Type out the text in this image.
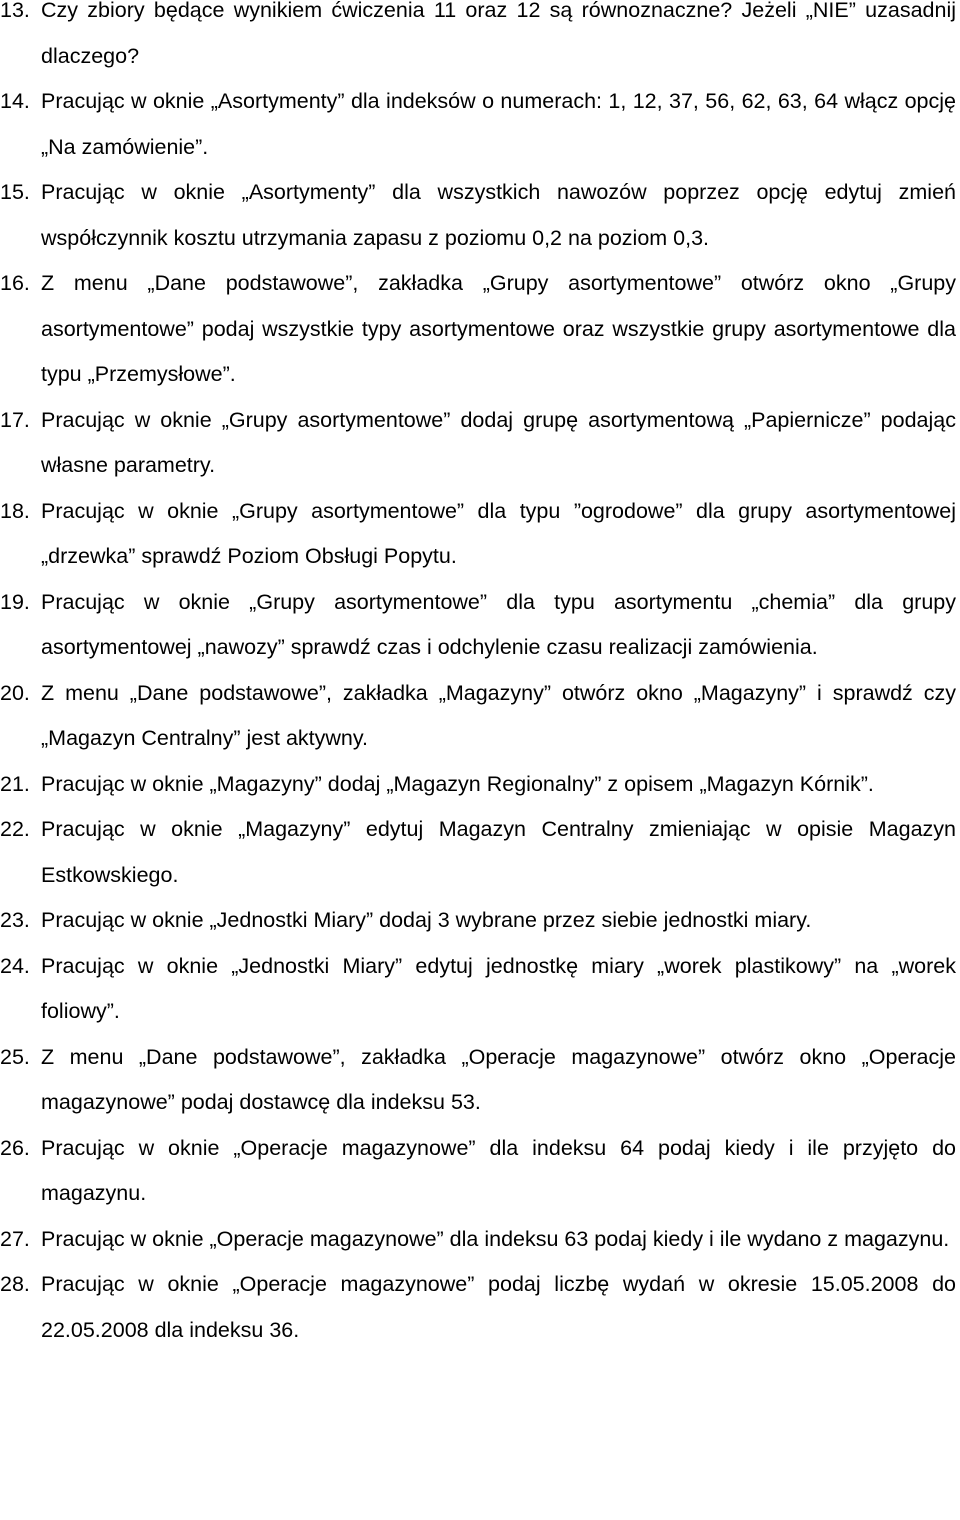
13. Czy zbiory będące wynikiem ćwiczenia 11 oraz 12 są równoznaczne? Jeżeli „NIE” uzasadnij dlaczego?
14. Pracując w oknie „Asortymenty” dla indeksów o numerach: 1, 12, 37, 56, 62, 63, 64 włącz opcję „Na zamówienie”.
15. Pracując w oknie „Asortymenty” dla wszystkich nawozów poprzez opcję edytuj zmień współczynnik kosztu utrzymania zapasu z poziomu 0,2 na poziom 0,3.
16. Z menu „Dane podstawowe”, zakładka „Grupy asortymentowe” otwórz okno „Grupy asortymentowe” podaj wszystkie typy asortymentowe oraz wszystkie grupy asortymentowe dla typu „Przemysłowe”.
17. Pracując w oknie „Grupy asortymentowe” dodaj grupę asortymentową „Papiernicze” podając własne parametry.
18. Pracując w oknie „Grupy asortymentowe” dla typu ”ogrodowe” dla grupy asortymentowej „drzewka” sprawdź Poziom Obsługi Popytu.
19. Pracując w oknie „Grupy asortymentowe” dla typu asortymentu „chemia” dla grupy asortymentowej „nawozy” sprawdź czas i odchylenie czasu realizacji zamówienia.
20. Z menu „Dane podstawowe”, zakładka „Magazyny” otwórz okno „Magazyny” i sprawdź czy „Magazyn Centralny” jest aktywny.
21. Pracując w oknie „Magazyny” dodaj „Magazyn Regionalny” z opisem „Magazyn Kórnik”.
22. Pracując w oknie „Magazyny” edytuj Magazyn Centralny zmieniając w opisie Magazyn Estkowskiego.
23. Pracując w oknie „Jednostki Miary” dodaj 3 wybrane przez siebie jednostki miary.
24. Pracując w oknie „Jednostki Miary” edytuj jednostkę miary „worek plastikowy” na „worek foliowy”.
25. Z menu „Dane podstawowe”, zakładka „Operacje magazynowe” otwórz okno „Operacje magazynowe” podaj dostawcę dla indeksu 53.
26. Pracując w oknie „Operacje magazynowe” dla indeksu 64 podaj kiedy i ile przyjęto do magazynu.
27. Pracując w oknie „Operacje magazynowe” dla indeksu 63 podaj kiedy i ile wydano z magazynu.
28. Pracując w oknie „Operacje magazynowe” podaj liczbę wydań w okresie 15.05.2008 do 22.05.2008 dla indeksu 36.
